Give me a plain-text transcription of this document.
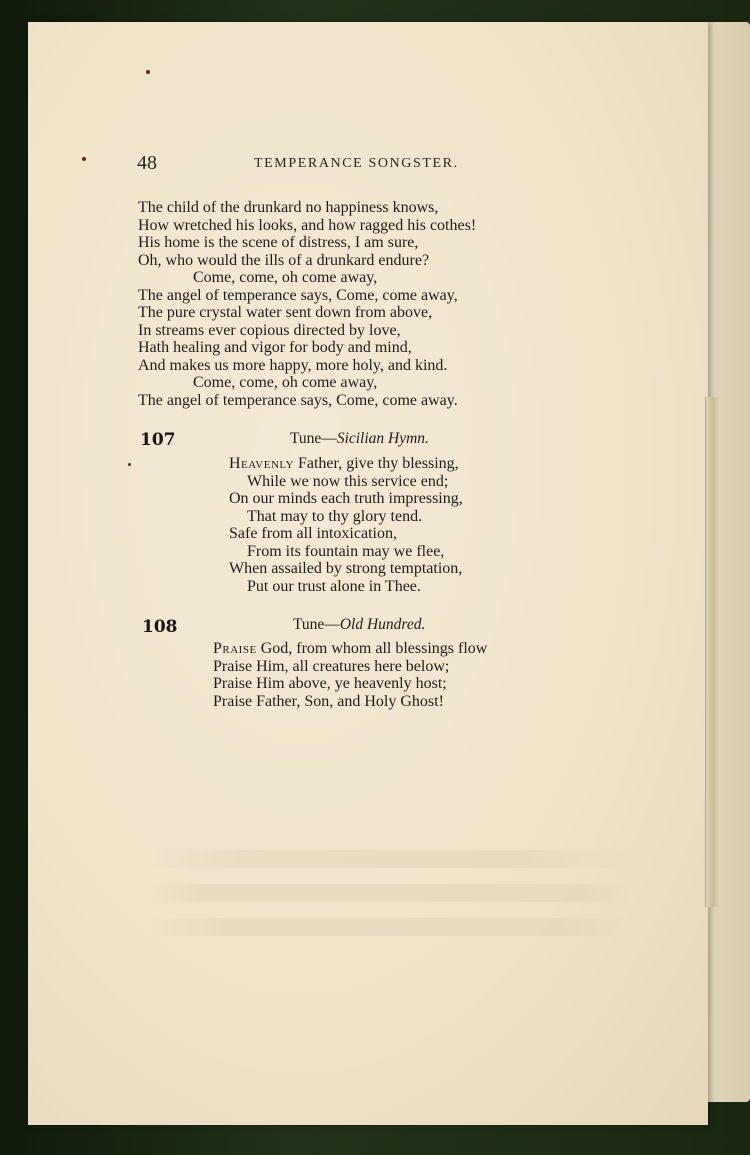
48	TEMPERANCE SONGSTER.
The child of the drunkard no happiness knows,
How wretched his looks, and how ragged his cothes!
His home is the scene of distress, I am sure,
Oh, who would the ills of a drunkard endure?
Come, come, oh come away,
The angel of temperance says, Come, come away,
The pure crystal water sent down from above,
In streams ever copious directed by love,
Hath healing and vigor for body and mind,
And makes us more happy, more holy, and kind.
Come, come, oh come away,
The angel of temperance says, Come, come away.
107	Tune—Sicilian Hymn.
Heavenly Father, give thy blessing,
While we now this service end;
On our minds each truth impressing,
That may to thy glory tend.
Safe from all intoxication,
From its fountain may we flee,
When assailed by strong temptation,
Put our trust alone in Thee.
108	Tune—Old Hundred.
Praise God, from whom all blessings flow
Praise Him, all creatures here below;
Praise Him above, ye heavenly host;
Praise Father, Son, and Holy Ghost!
